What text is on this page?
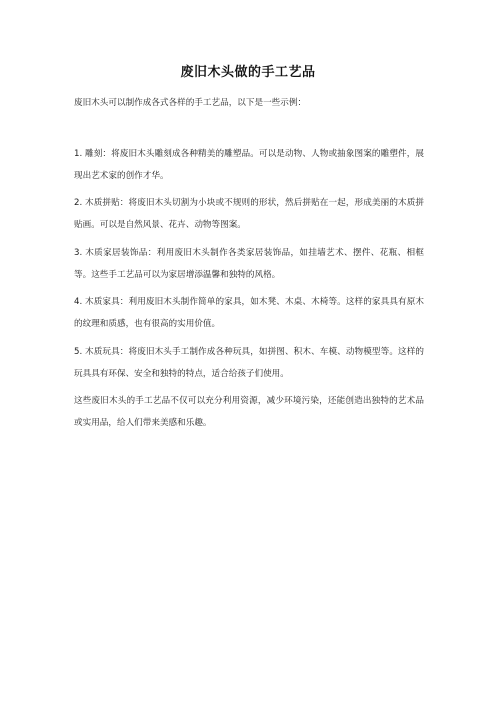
废旧木头做的手工艺品
废旧木头可以制作成各式各样的手工艺品，以下是一些示例：
1. 雕刻：将废旧木头雕刻成各种精美的雕塑品。可以是动物、人物或抽象图案的雕塑件，展现出艺术家的创作才华。
2. 木质拼贴：将废旧木头切割为小块或不规则的形状，然后拼贴在一起，形成美丽的木质拼贴画。可以是自然风景、花卉、动物等图案。
3. 木质家居装饰品：利用废旧木头制作各类家居装饰品，如挂墙艺术、摆件、花瓶、相框等。这些手工艺品可以为家居增添温馨和独特的风格。
4. 木质家具：利用废旧木头制作简单的家具，如木凳、木桌、木椅等。这样的家具具有原木的纹理和质感，也有很高的实用价值。
5. 木质玩具：将废旧木头手工制作成各种玩具，如拼图、积木、车模、动物模型等。这样的玩具具有环保、安全和独特的特点，适合给孩子们使用。
这些废旧木头的手工艺品不仅可以充分利用资源，减少环境污染，还能创造出独特的艺术品或实用品，给人们带来美感和乐趣。
